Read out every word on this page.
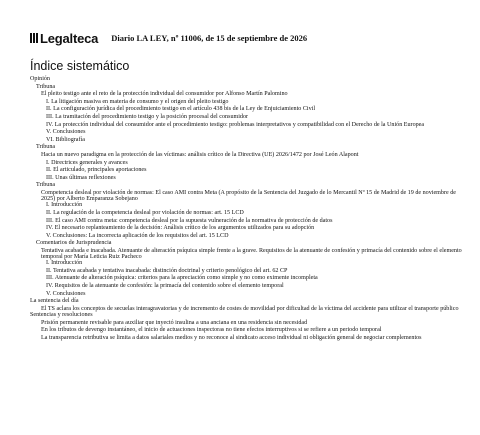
Legalteca Diario LA LEY, nº 11006, de 15 de septiembre de 2026
Índice sistemático
Opinión
Tribuna
El pleito testigo ante el reto de la protección individual del consumidor por Alfonso Martín Palomino
I. La litigación masiva en materia de consumo y el origen del pleito testigo
II. La configuración jurídica del procedimiento testigo en el artículo 438 bis de la Ley de Enjuiciamiento Civil
III. La tramitación del procedimiento testigo y la posición procesal del consumidor
IV. La protección individual del consumidor ante el procedimiento testigo: problemas interpretativos y compatibilidad con el Derecho de la Unión Europea
V. Conclusiones
VI. Bibliografía
Tribuna
Hacia un nuevo paradigma en la protección de las víctimas: análisis crítico de la Directiva (UE) 2026/1472 por José León Alapont
I. Directrices generales y avances
II. El articulado, principales aportaciones
III. Unas últimas reflexiones
Tribuna
Competencia desleal por violación de normas: El caso AMI contra Meta (A propósito de la Sentencia del Juzgado de lo Mercantil Nº 15 de Madrid de 19 de noviembre de 2025) por Alberto Emparanza Sobejano
I. Introducción
II. La regulación de la competencia desleal por violación de normas: art. 15 LCD
III. El caso AMI contra meta: competencia desleal por la supuesta vulneración de la normativa de protección de datos
IV. El necesario replanteamiento de la decisión: Análisis crítico de los argumentos utilizados para su adopción
V. Conclusiones: La incorrecta aplicación de los requisitos del art. 15 LCD
Comentarios de Jurisprudencia
Tentativa acabada e inacabada. Atenuante de alteración psíquica simple frente a la grave. Requisitos de la atenuante de confesión y primacía del contenido sobre el elemento temporal por María Leticia Ruiz Pacheco
I. Introducción
II. Tentativa acabada y tentativa inacabada: distinción doctrinal y criterio penológico del art. 62 CP
III. Atenuante de alteración psíquica: criterios para la apreciación como simple y no como eximente incompleta
IV. Requisitos de la atenuante de confesión: la primacía del contenido sobre el elemento temporal
V. Conclusiones
La sentencia del día
El TS aclara los conceptos de secuelas interagravatorias y de incremento de costes de movilidad por dificultad de la víctima del accidente para utilizar el transporte público
Sentencias y resoluciones
Prisión permanente revisable para auxiliar que inyectó insulina a una anciana en una residencia sin necesidad
En los tributos de devengo instantáneo, el inicio de actuaciones inspectoras no tiene efectos interruptivos si se refiere a un periodo temporal
La transparencia retributiva se limita a datos salariales medios y no reconoce al sindicato acceso individual ni obligación general de negociar complementos
